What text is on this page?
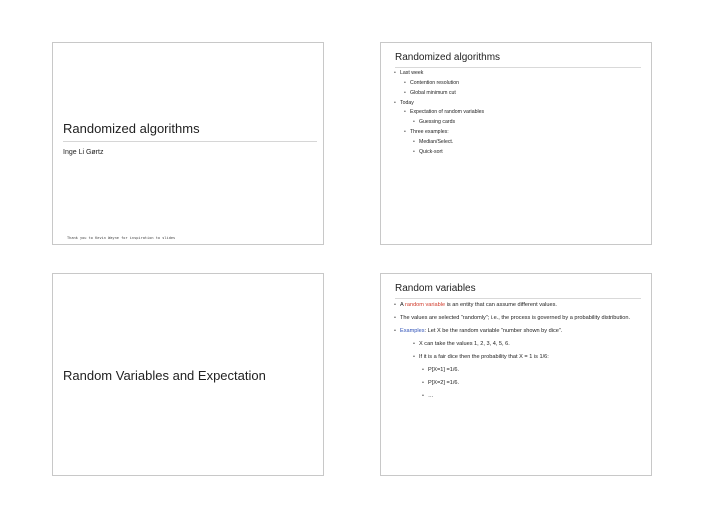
Randomized algorithms
Inge Li Gørtz
Thank you to Kevin Wayne for inspiration to slides
Randomized algorithms
• Last week
• Contention resolution
• Global minimum cut
• Today
• Expectation of random variables
• Guessing cards
• Three examples:
• Median/Select.
• Quick-sort
Random Variables and Expectation
Random variables
• A random variable is an entity that can assume different values.
• The values are selected “randomly”; i.e., the process is governed by a probability distribution.
• Examples: Let X be the random variable “number shown by dice”.
• X can take the values 1, 2, 3, 4, 5, 6.
• If it is a fair dice then the probability that X = 1 is 1/6:
• P[X=1] =1/6.
• P[X=2] =1/6.
• …
